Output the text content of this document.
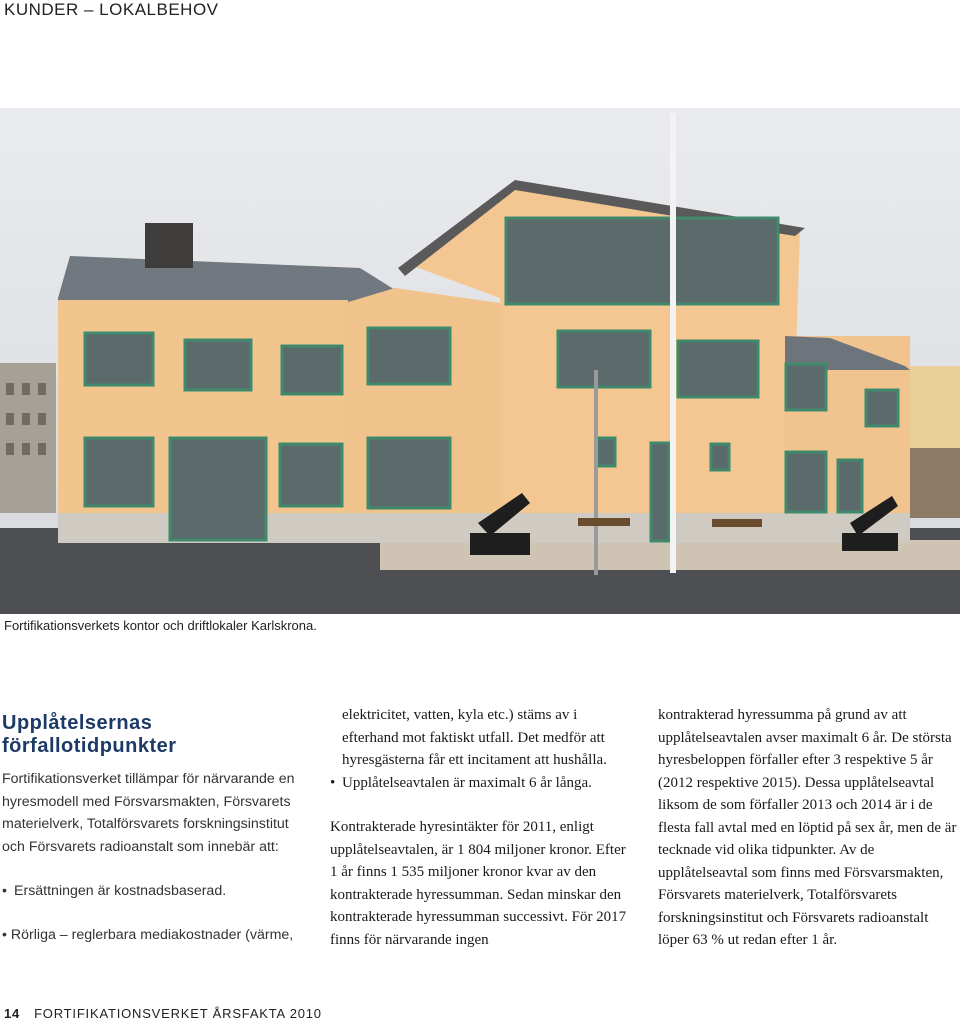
KUNDER – LOKALBEHOV
Fortifikationsverkets kontor och driftlokaler Karlskrona.
Upplåtelsernas
förfallotidpunkter

Fortifikationsverket tillämpar för närvarande en hyresmodell med Försvarsmakten, Försvarets materielverk, Totalförsvarets forskningsinstitut och Försvarets radioanstalt som innebär att:

• Ersättningen är kostnadsbaserad.
• Rörliga – reglerbara mediakostnader (värme,

elektricitet, vatten, kyla etc.) stäms av i efterhand mot faktiskt utfall. Det medför att hyresgästerna får ett incitament att hushålla.

• Upplåtelseavtalen är maximalt 6 år långa.

Kontrakterade hyresintäkter för 2011, enligt upplåtelseavtalen, är 1 804 miljoner kronor. Efter 1 år finns 1 535 miljoner kronor kvar av den kontrakterade hyressumman. Sedan minskar den kontrakterade hyressumman successivt. För 2017 finns för närvarande ingen

kontrakterad hyressumma på grund av att upplåtelseavtalen avser maximalt 6 år. De största hyresbeloppen förfaller efter 3 respektive 5 år (2012 respektive 2015). Dessa upplåtelseavtal liksom de som förfaller 2013 och 2014 är i de flesta fall avtal med en löptid på sex år, men de är tecknade vid olika tidpunkter. Av de upplåtelseavtal som finns med Försvarsmakten, Försvarets materielverk, Totalförsvarets forskningsinstitut och Försvarets radioanstalt löper 63 % ut redan efter 1 år.

14 FORTIFIKATIONSVERKET ÅRSFAKTA 2010
